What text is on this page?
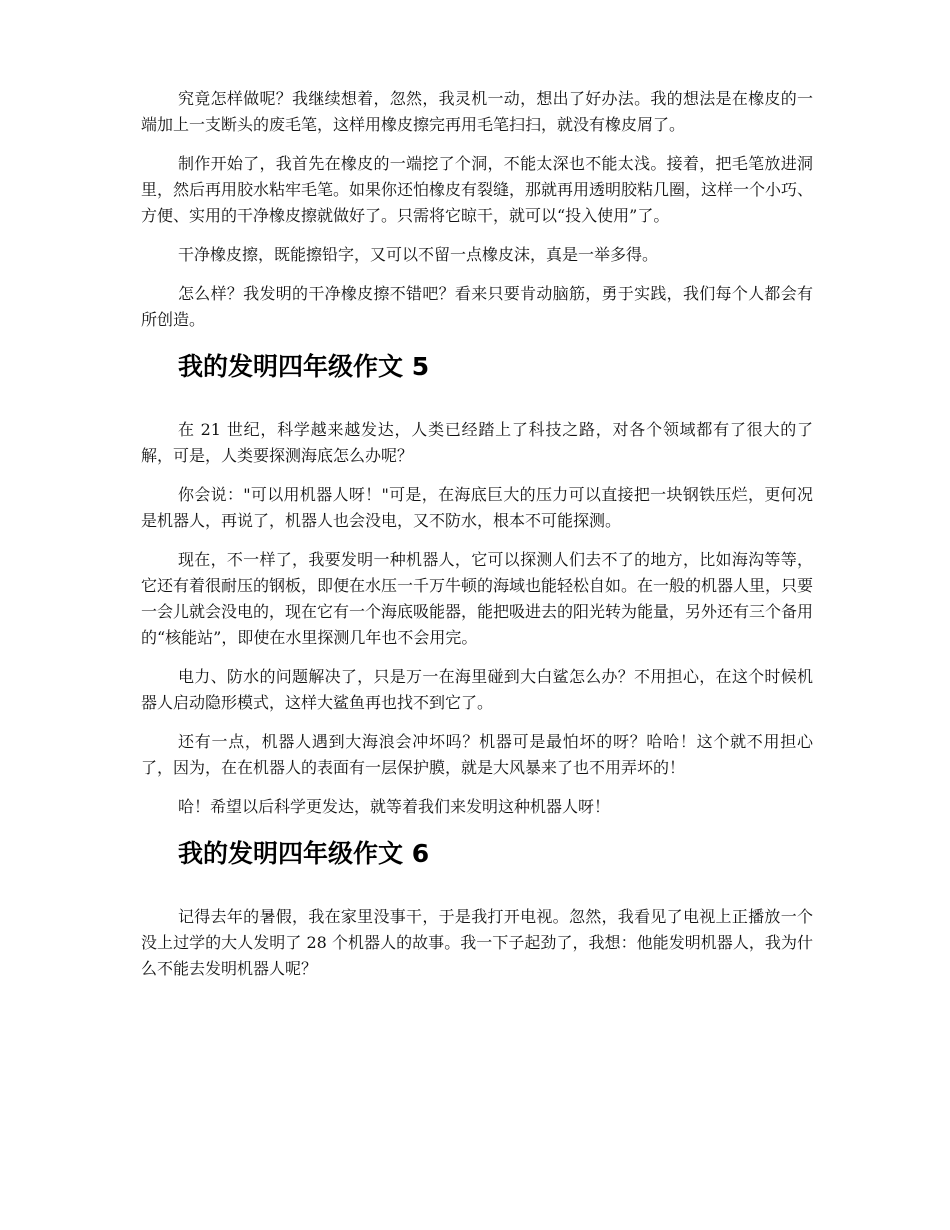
究竟怎样做呢？我继续想着，忽然，我灵机一动，想出了好办法。我的想法是在橡皮的一端加上一支断头的废毛笔，这样用橡皮擦完再用毛笔扫扫，就没有橡皮屑了。

制作开始了，我首先在橡皮的一端挖了个洞，不能太深也不能太浅。接着，把毛笔放进洞里，然后再用胶水粘牢毛笔。如果你还怕橡皮有裂缝，那就再用透明胶粘几圈，这样一个小巧、方便、实用的干净橡皮擦就做好了。只需将它晾干，就可以“投入使用”了。

干净橡皮擦，既能擦铅字，又可以不留一点橡皮沫，真是一举多得。

怎么样？我发明的干净橡皮擦不错吧？看来只要肯动脑筋，勇于实践，我们每个人都会有所创造。

我的发明四年级作文 5

在 21 世纪，科学越来越发达，人类已经踏上了科技之路，对各个领域都有了很大的了解，可是，人类要探测海底怎么办呢？

你会说："可以用机器人呀！"可是，在海底巨大的压力可以直接把一块钢铁压烂，更何况是机器人，再说了，机器人也会没电，又不防水，根本不可能探测。

现在，不一样了，我要发明一种机器人，它可以探测人们去不了的地方，比如海沟等等，它还有着很耐压的钢板，即便在水压一千万牛顿的海域也能轻松自如。在一般的机器人里，只要一会儿就会没电的，现在它有一个海底吸能器，能把吸进去的阳光转为能量，另外还有三个备用的“核能站”，即使在水里探测几年也不会用完。

电力、防水的问题解决了，只是万一在海里碰到大白鲨怎么办？不用担心，在这个时候机器人启动隐形模式，这样大鲨鱼再也找不到它了。

还有一点，机器人遇到大海浪会冲坏吗？机器可是最怕坏的呀？哈哈！这个就不用担心了，因为，在在机器人的表面有一层保护膜，就是大风暴来了也不用弄坏的！

哈！希望以后科学更发达，就等着我们来发明这种机器人呀！

我的发明四年级作文 6

记得去年的暑假，我在家里没事干，于是我打开电视。忽然，我看见了电视上正播放一个没上过学的大人发明了 28 个机器人的故事。我一下子起劲了，我想：他能发明机器人，我为什么不能去发明机器人呢？
